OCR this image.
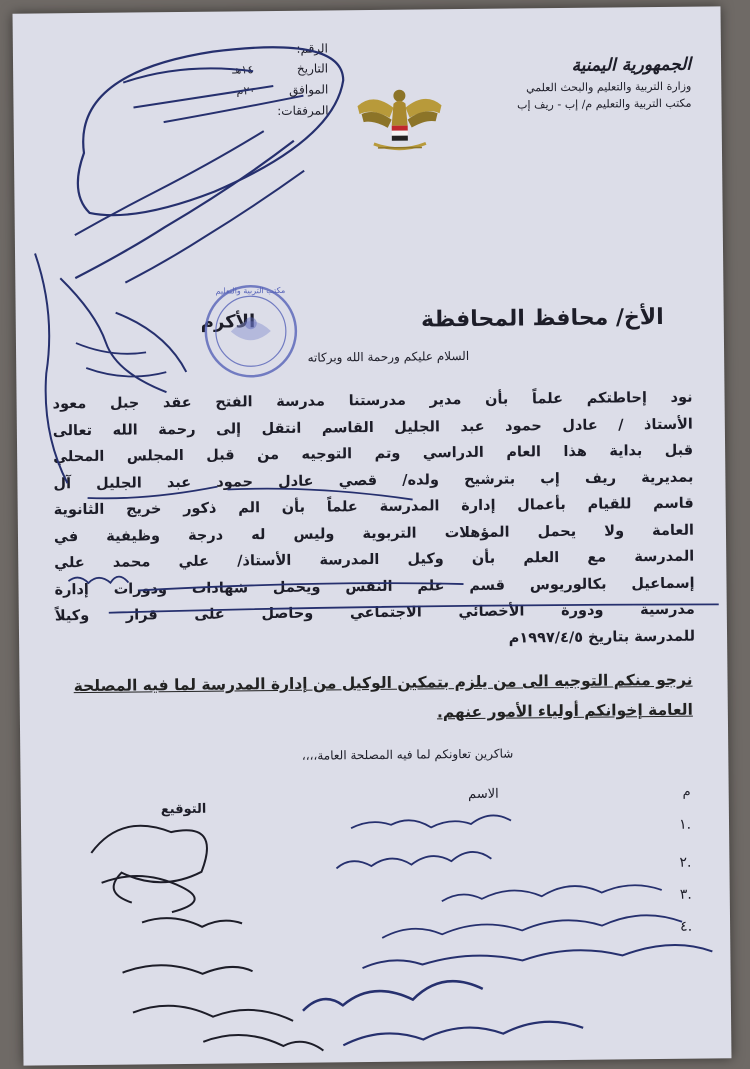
الجمهورية اليمنية
وزارة التربية والتعليم والبحث العلمي
مكتب التربية والتعليم م/ إب - ريف إب
الرقم:
التاريخ ١٤هـ
الموافق ٢٠م
المرفقات:
الأخ/ محافظ المحافظة
الأكرم
السلام عليكم ورحمة الله وبركاته
نود إحاطتكم علماً بأن مدير مدرستنا مدرسة الفتح عقد جبل معود
الأستاذ / عادل حمود عبد الجليل القاسم انتقل إلى رحمة الله تعالى
قبل بداية هذا العام الدراسي وتم التوجيه من قبل المجلس المحلي
بمديرية ريف إب بترشيح ولده/ قصي عادل حمود عبد الجليل آل
قاسم للقيام بأعمال إدارة المدرسة علماً بأن الم ذكور خريج الثانوية
العامة ولا يحمل المؤهلات التربوية وليس له درجة وظيفية في
المدرسة مع العلم بأن وكيل المدرسة الأستاذ/ علي محمد علي
إسماعيل بكالوريوس قسم علم النفس ويحمل شهادات ودورات إدارة
مدرسية ودورة الأخصائي الاجتماعي وحاصل على قرار وكيلاً
للمدرسة بتاريخ ١٩٩٧/٤/٥م
نرجو منكم التوجيه الى من يلزم بتمكين الوكيل من إدارة المدرسة لما فيه المصلحة
العامة إخوانكم أولياء الأمور عنهم.
شاكرين تعاونكم لما فيه المصلحة العامة،،،،
م
الاسم
التوقيع
١.
٢.
٣.
٤.
مكتب التربية والتعليم
